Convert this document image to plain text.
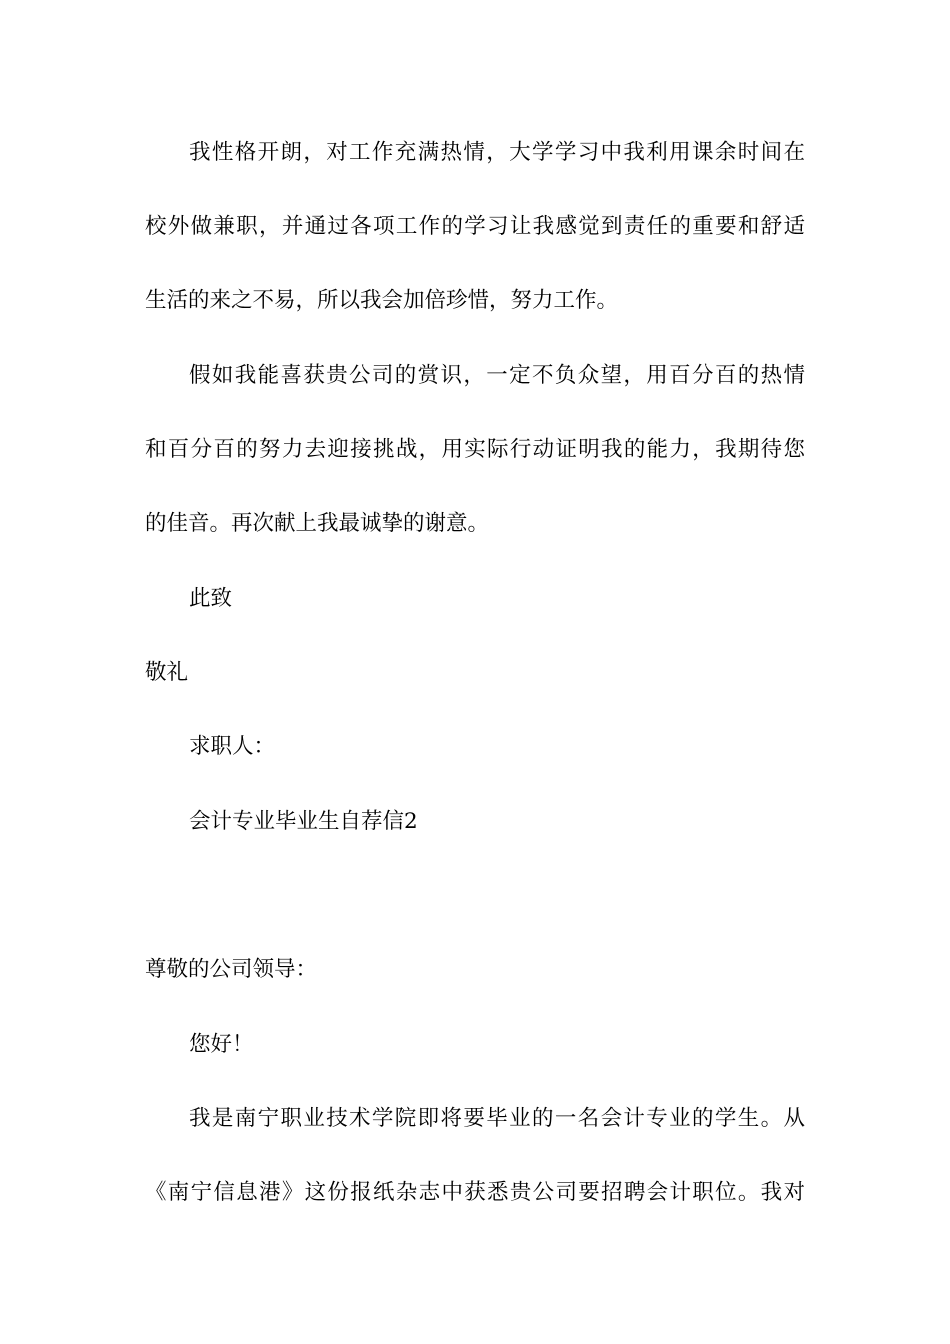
我性格开朗，对工作充满热情，大学学习中我利用课余时间在
校外做兼职，并通过各项工作的学习让我感觉到责任的重要和舒适
生活的来之不易，所以我会加倍珍惜，努力工作。
假如我能喜获贵公司的赏识，一定不负众望，用百分百的热情
和百分百的努力去迎接挑战，用实际行动证明我的能力，我期待您
的佳音。再次献上我最诚挚的谢意。
此致
敬礼
求职人：
会计专业毕业生自荐信2
尊敬的公司领导：
您好！
我是南宁职业技术学院即将要毕业的一名会计专业的学生。从
《南宁信息港》这份报纸杂志中获悉贵公司要招聘会计职位。我对
